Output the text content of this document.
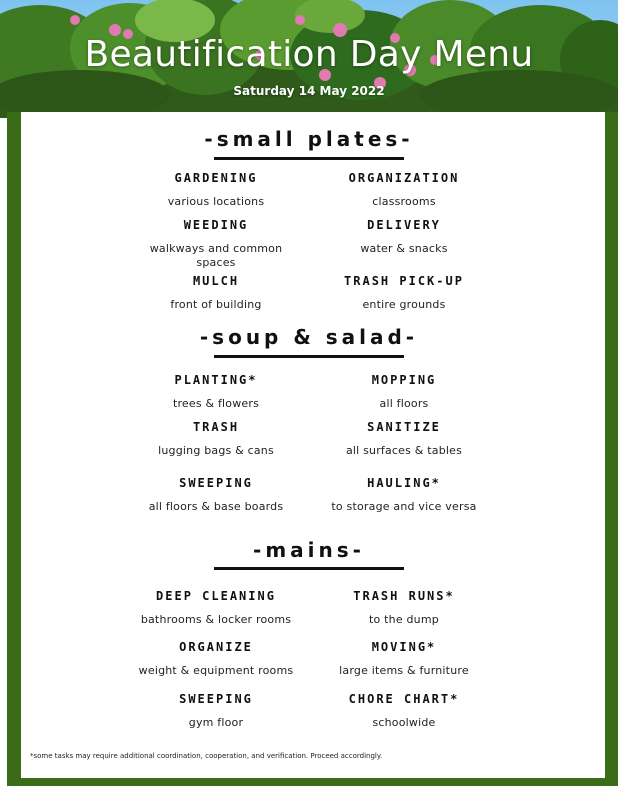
Beautification Day Menu
Saturday 14 May 2022
-small plates-
GARDENING
various locations
ORGANIZATION
classrooms
WEEDING
walkways and common spaces
DELIVERY
water & snacks
MULCH
front of building
TRASH PICK-UP
entire grounds
-soup & salad-
PLANTING*
trees & flowers
MOPPING
all floors
TRASH
lugging bags & cans
SANITIZE
all surfaces & tables
SWEEPING
all floors & base boards
HAULING*
to storage and vice versa
-mains-
DEEP CLEANING
bathrooms & locker rooms
TRASH RUNS*
to the dump
ORGANIZE
weight & equipment rooms
MOVING*
large items & furniture
SWEEPING
gym floor
CHORE CHART*
schoolwide
*some tasks may require additional coordination, cooperation, and verification. Proceed accordingly.
